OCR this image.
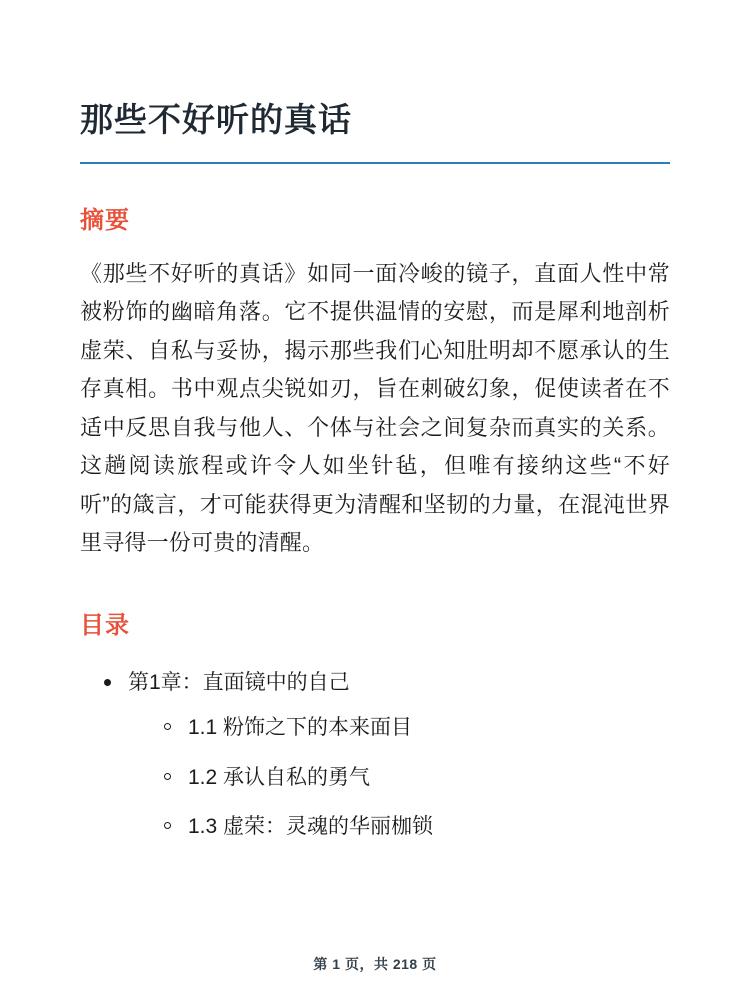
那些不好听的真话
摘要

《那些不好听的真话》如同一面冷峻的镜子，直面人性中常被粉饰的幽暗角落。它不提供温情的安慰，而是犀利地剖析虚荣、自私与妥协，揭示那些我们心知肚明却不愿承认的生存真相。书中观点尖锐如刃，旨在刺破幻象，促使读者在不适中反思自我与他人、个体与社会之间复杂而真实的关系。这趟阅读旅程或许令人如坐针毡，但唯有接纳这些“不好听”的箴言，才可能获得更为清醒和坚韧的力量，在混沌世界里寻得一份可贵的清醒。

目录
第1章：直面镜中的自己
1.1 粉饰之下的本来面目
1.2 承认自私的勇气
1.3 虚荣：灵魂的华丽枷锁
第 1 页，共 218 页
